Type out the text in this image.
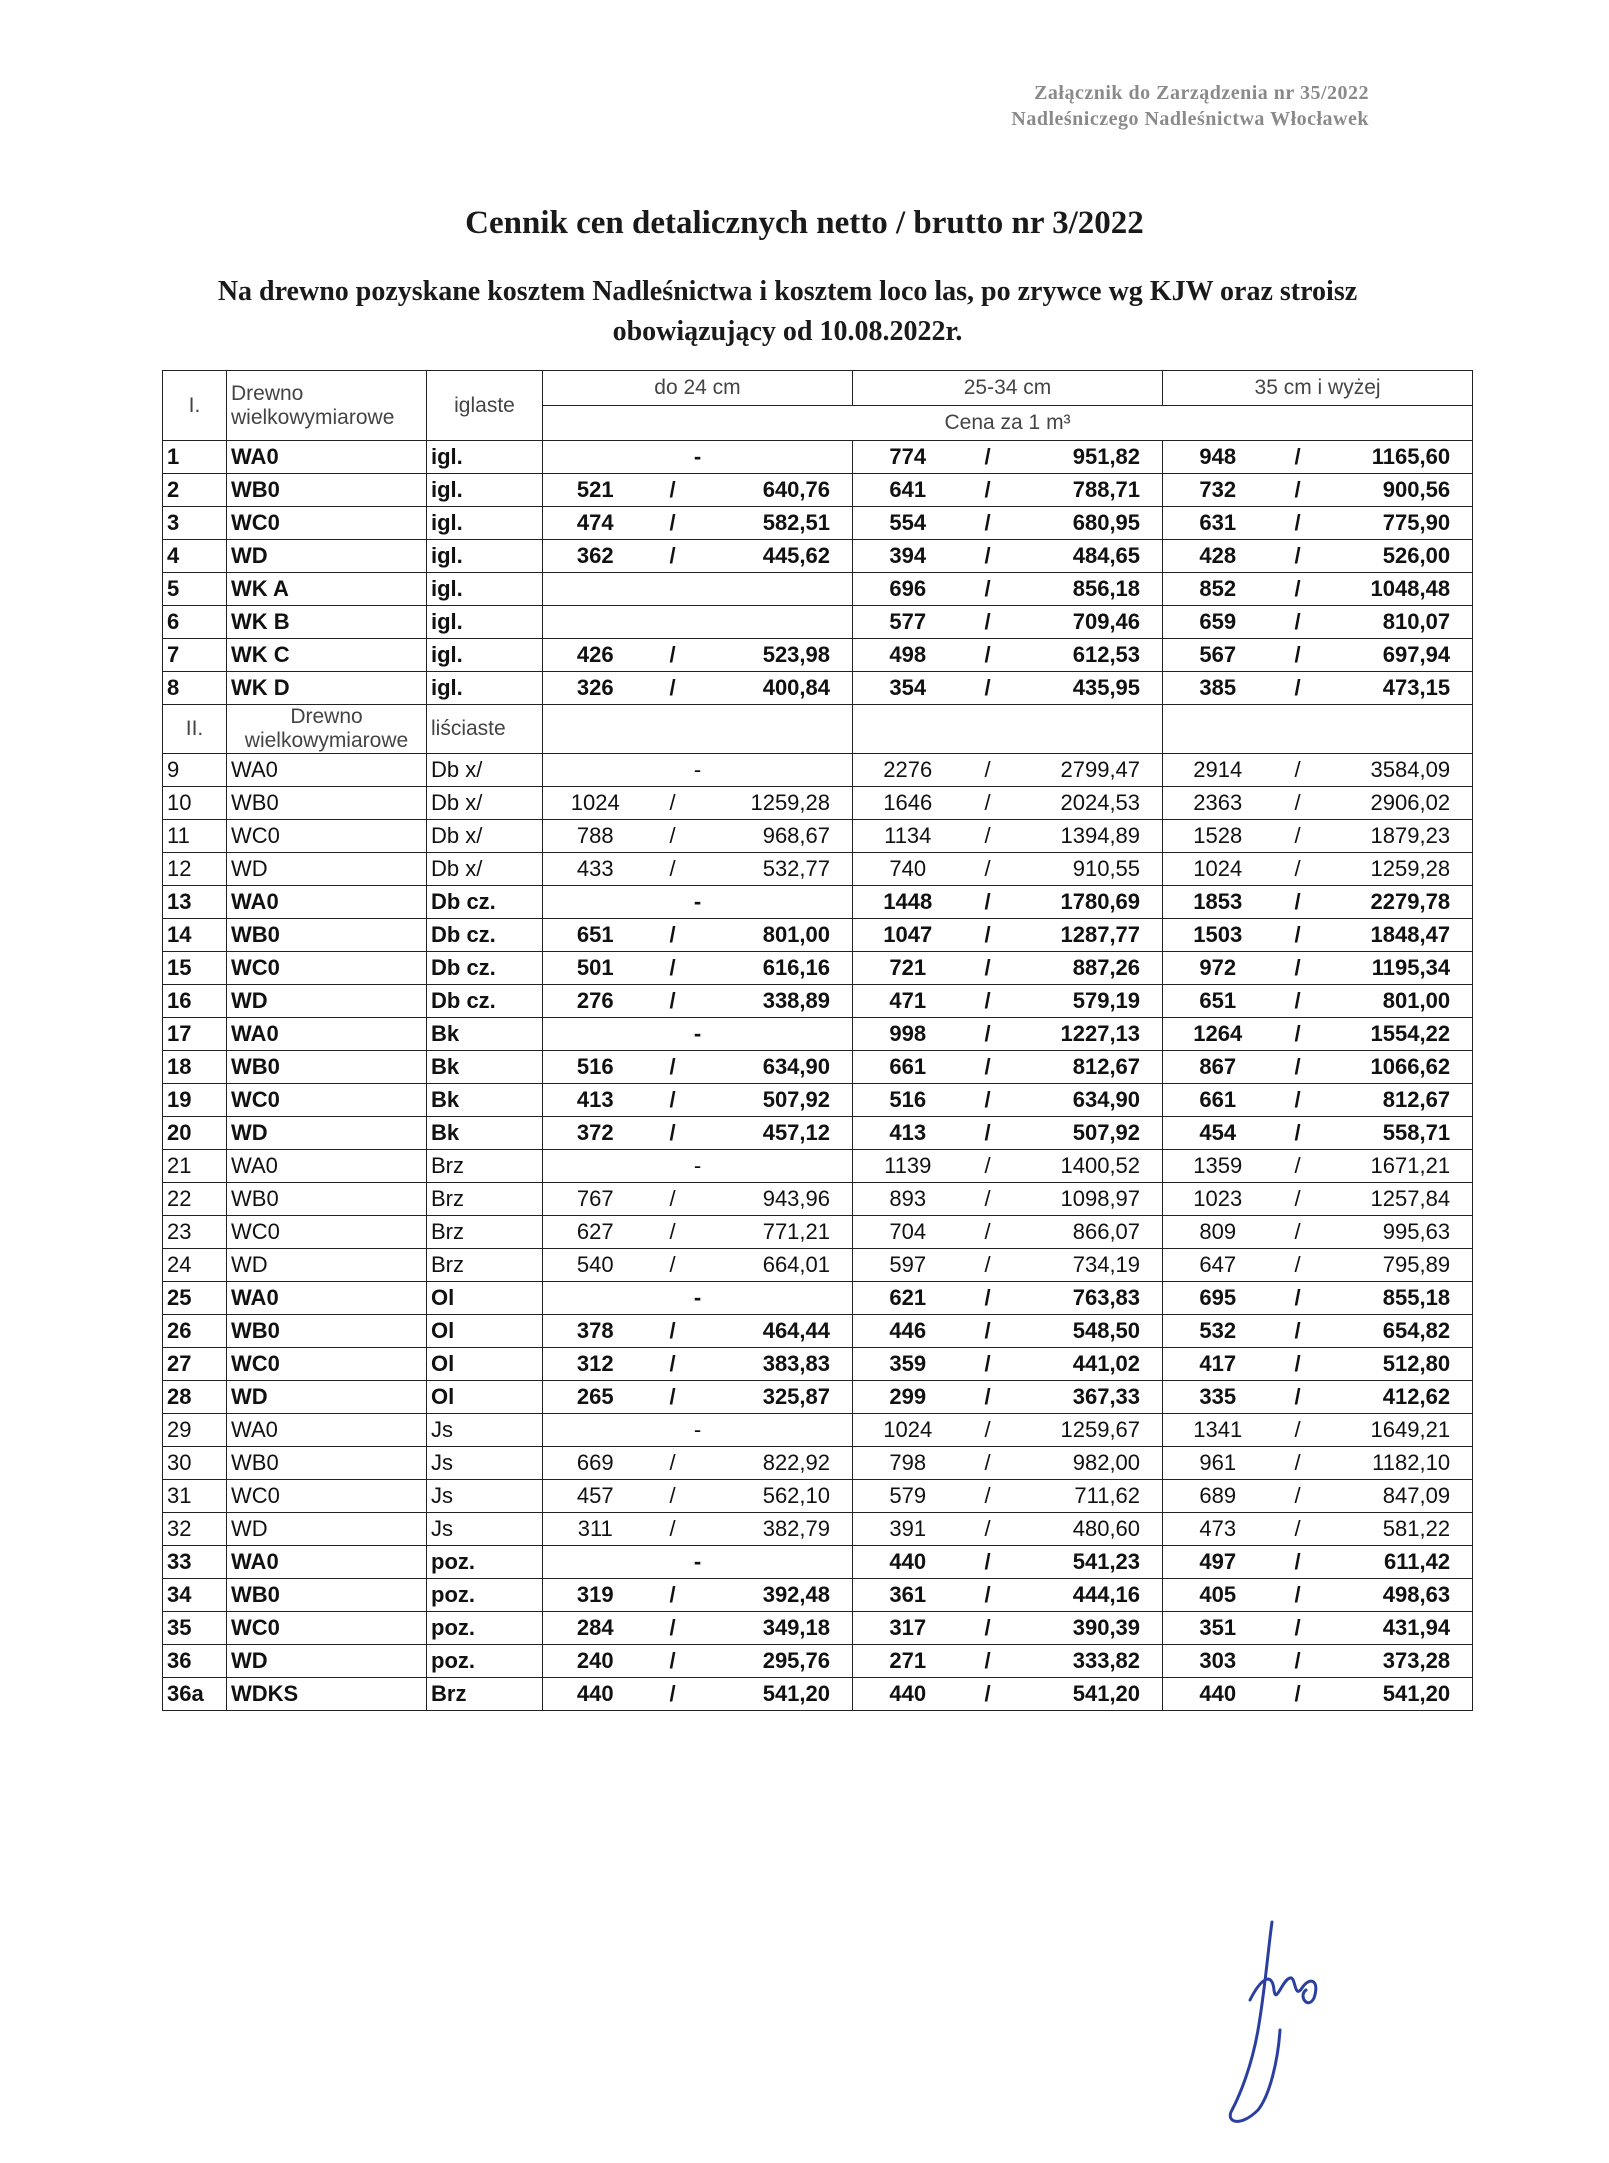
Załącznik do Zarządzenia nr 35/2022
Nadleśniczego Nadleśnictwa Włocławek
Cennik cen detalicznych netto / brutto nr 3/2022
Na drewno pozyskane kosztem Nadleśnictwa i kosztem loco las, po zrywce wg KJW oraz stroisz obowiązujący od 10.08.2022r.
I.	Drewno
wielkowymiarowe	iglaste	do 24 cm			25-34 cm			35 cm i wyżej		
			Cena za 1 m³								
1	WA0	igl.	-			774	/	951,82	948	/	1165,60
2	WB0	igl.	521	/	640,76	641	/	788,71	732	/	900,56
3	WC0	igl.	474	/	582,51	554	/	680,95	631	/	775,90
4	WD	igl.	362	/	445,62	394	/	484,65	428	/	526,00
5	WK A	igl.				696	/	856,18	852	/	1048,48
6	WK B	igl.				577	/	709,46	659	/	810,07
7	WK C	igl.	426	/	523,98	498	/	612,53	567	/	697,94
8	WK D	igl.	326	/	400,84	354	/	435,95	385	/	473,15
II.	Drewno
wielkowymiarowe	liściaste									
9	WA0	Db x/	-			2276	/	2799,47	2914	/	3584,09
10	WB0	Db x/	1024	/	1259,28	1646	/	2024,53	2363	/	2906,02
11	WC0	Db x/	788	/	968,67	1134	/	1394,89	1528	/	1879,23
12	WD	Db x/	433	/	532,77	740	/	910,55	1024	/	1259,28
13	WA0	Db cz.	-			1448	/	1780,69	1853	/	2279,78
14	WB0	Db cz.	651	/	801,00	1047	/	1287,77	1503	/	1848,47
15	WC0	Db cz.	501	/	616,16	721	/	887,26	972	/	1195,34
16	WD	Db cz.	276	/	338,89	471	/	579,19	651	/	801,00
17	WA0	Bk	-			998	/	1227,13	1264	/	1554,22
18	WB0	Bk	516	/	634,90	661	/	812,67	867	/	1066,62
19	WC0	Bk	413	/	507,92	516	/	634,90	661	/	812,67
20	WD	Bk	372	/	457,12	413	/	507,92	454	/	558,71
21	WA0	Brz	-			1139	/	1400,52	1359	/	1671,21
22	WB0	Brz	767	/	943,96	893	/	1098,97	1023	/	1257,84
23	WC0	Brz	627	/	771,21	704	/	866,07	809	/	995,63
24	WD	Brz	540	/	664,01	597	/	734,19	647	/	795,89
25	WA0	Ol	-			621	/	763,83	695	/	855,18
26	WB0	Ol	378	/	464,44	446	/	548,50	532	/	654,82
27	WC0	Ol	312	/	383,83	359	/	441,02	417	/	512,80
28	WD	Ol	265	/	325,87	299	/	367,33	335	/	412,62
29	WA0	Js	-			1024	/	1259,67	1341	/	1649,21
30	WB0	Js	669	/	822,92	798	/	982,00	961	/	1182,10
31	WC0	Js	457	/	562,10	579	/	711,62	689	/	847,09
32	WD	Js	311	/	382,79	391	/	480,60	473	/	581,22
33	WA0	poz.	-			440	/	541,23	497	/	611,42
34	WB0	poz.	319	/	392,48	361	/	444,16	405	/	498,63
35	WC0	poz.	284	/	349,18	317	/	390,39	351	/	431,94
36	WD	poz.	240	/	295,76	271	/	333,82	303	/	373,28
36a	WDKS	Brz	440	/	541,20	440	/	541,20	440	/	541,20
